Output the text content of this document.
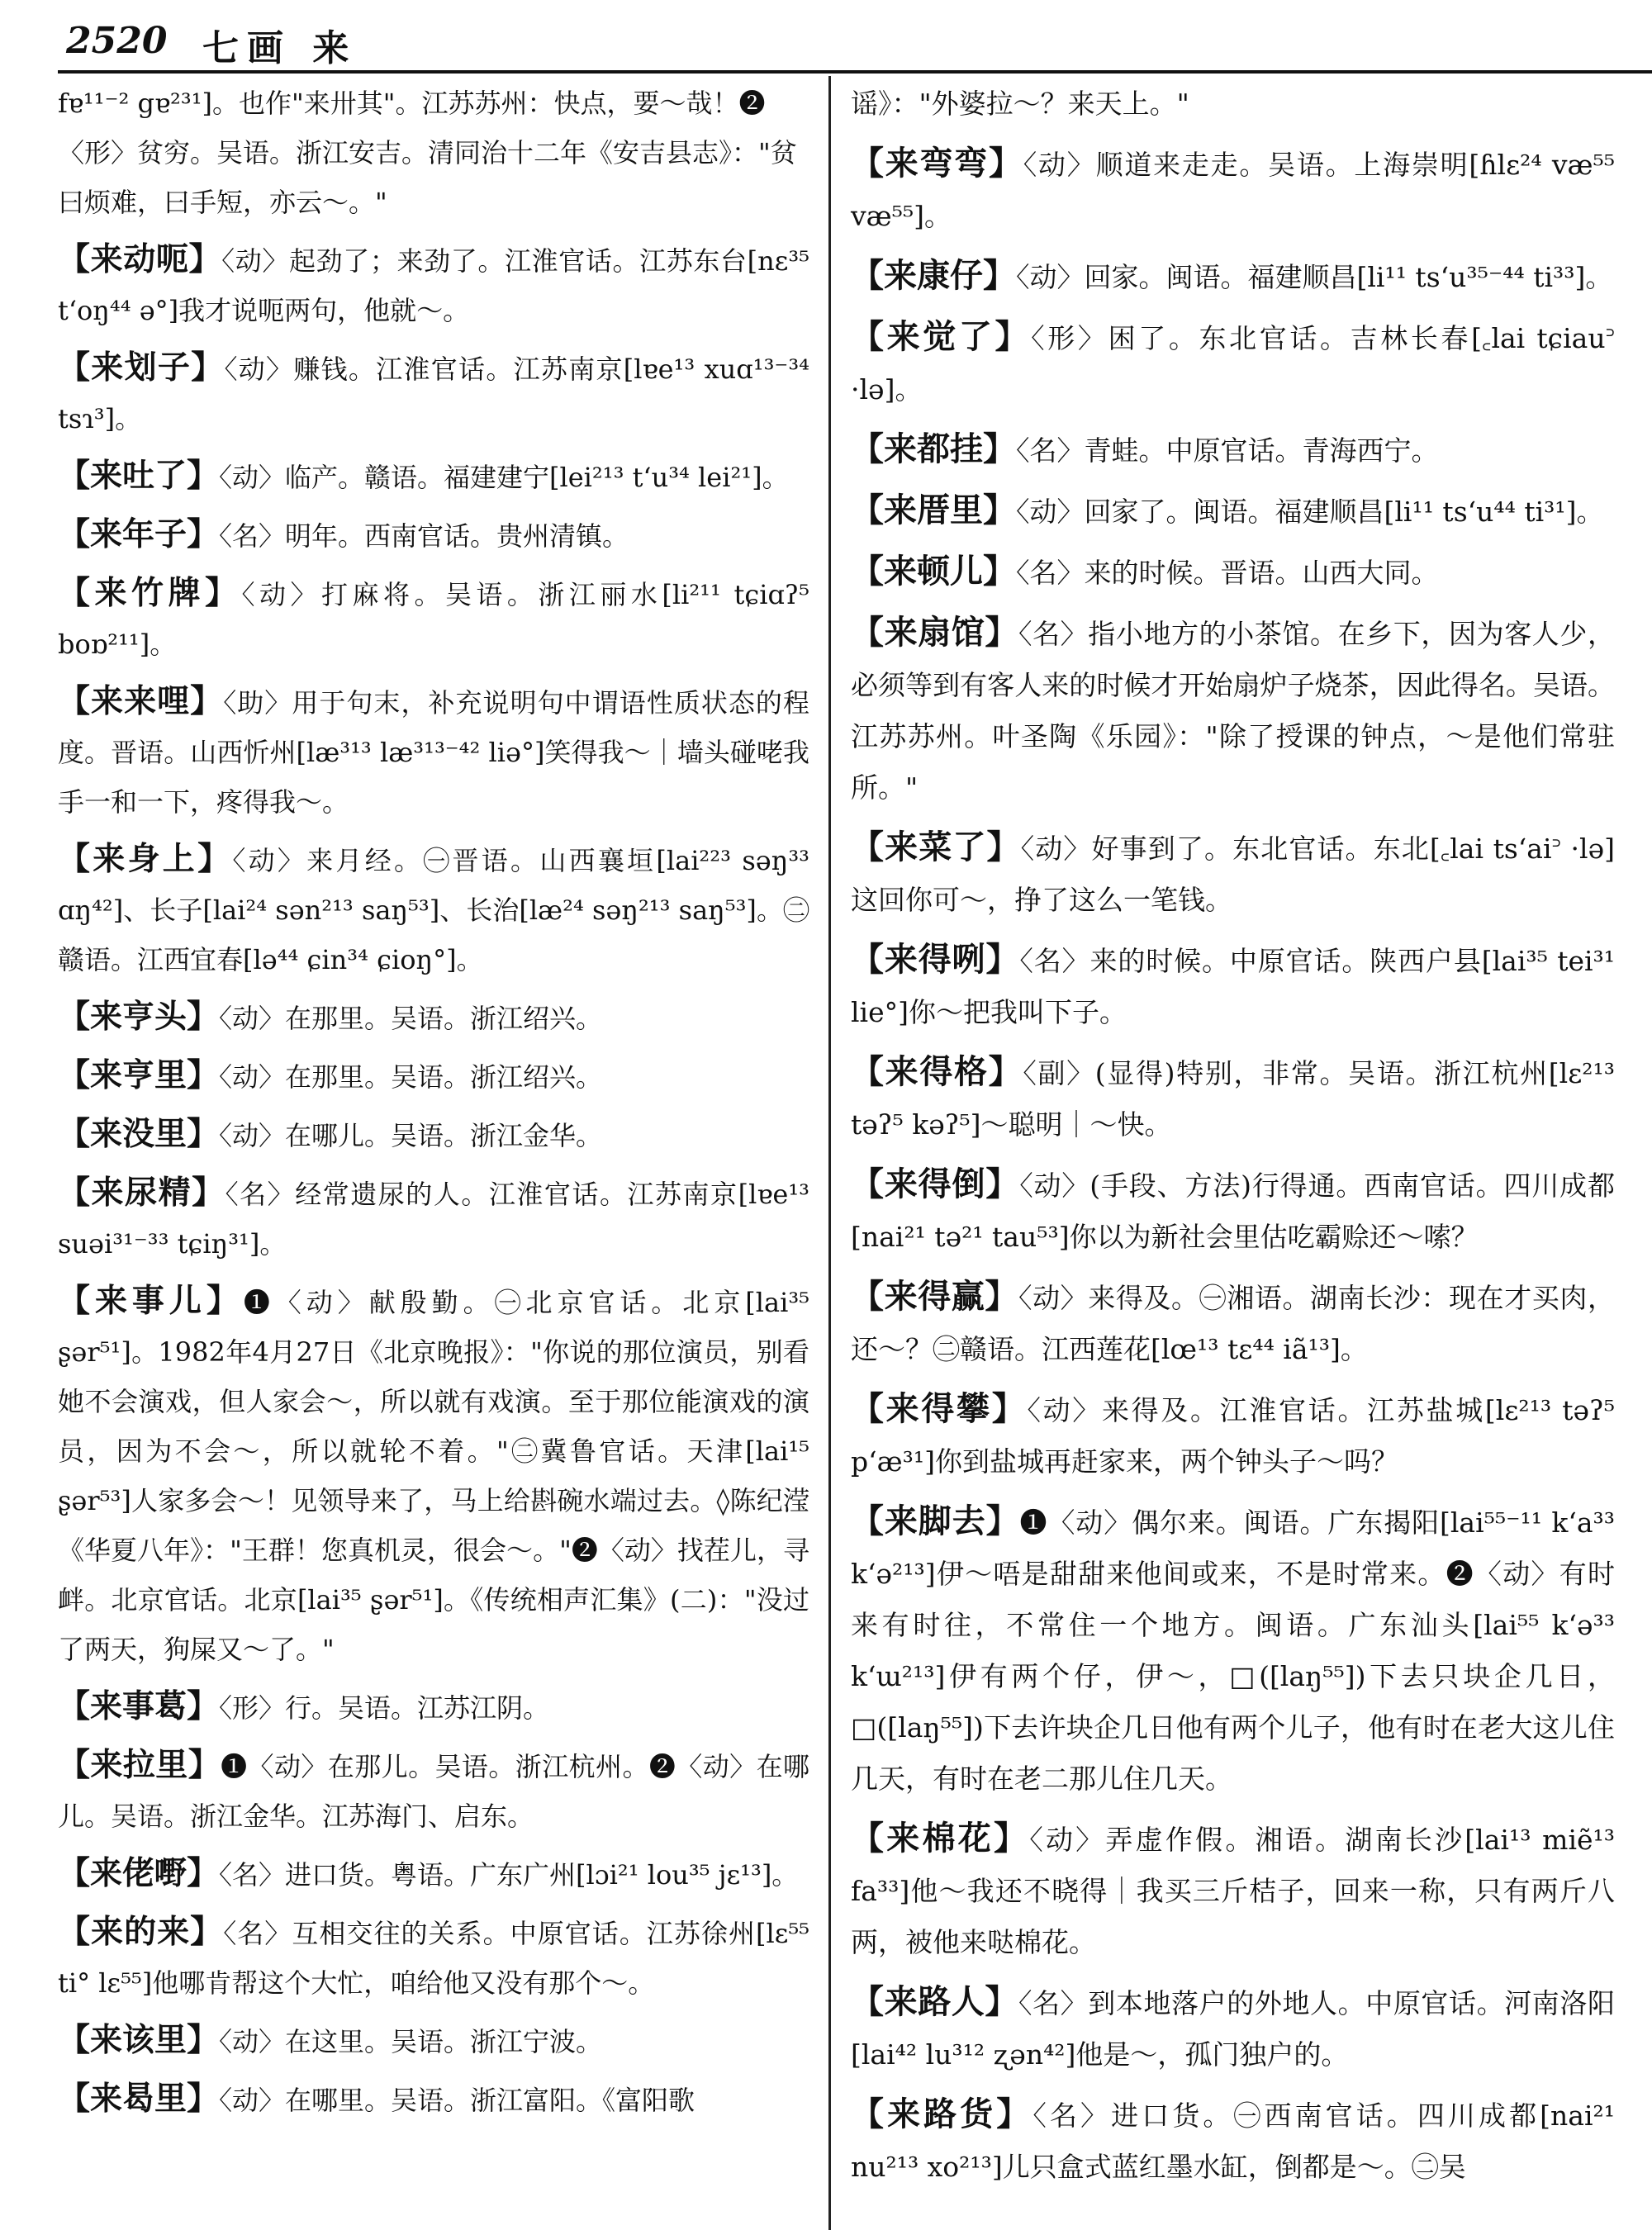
2520 七画 来
fɐ¹¹⁻² gɐ²³¹]。也作"来卅其"。江苏苏州：快点，要～哉！❷〈形〉贫穷。吴语。浙江安吉。清同治十二年《安吉县志》："贫曰烦难，曰手短，亦云～。"
【来动呃】〈动〉起劲了；来劲了。江淮官话。江苏东台[nɛ³⁵ tʻoŋ⁴⁴ ə°]我才说呃两句，他就～。
【来划子】〈动〉赚钱。江淮官话。江苏南京[lɐe¹³ xuɑ¹³⁻³⁴ tsɿ³]。
【来吐了】〈动〉临产。赣语。福建建宁[lei²¹³ tʻu³⁴ lei²¹]。
【来年子】〈名〉明年。西南官话。贵州清镇。
【来竹牌】〈动〉打麻将。吴语。浙江丽水[li²¹¹ tɕiɑʔ⁵ boɒ²¹¹]。
【来来哩】〈助〉用于句末，补充说明句中谓语性质状态的程度。晋语。山西忻州[læ³¹³ læ³¹³⁻⁴² liə°]笑得我～｜墙头碰咾我手一和一下，疼得我～。
【来身上】〈动〉来月经。㊀晋语。山西襄垣[lai²²³ səŋ³³ ɑŋ⁴²]、长子[lai²⁴ sən²¹³ saŋ⁵³]、长治[læ²⁴ səŋ²¹³ saŋ⁵³]。㊁赣语。江西宜春[lə⁴⁴ ɕin³⁴ ɕioŋ°]。
【来亨头】〈动〉在那里。吴语。浙江绍兴。
【来亨里】〈动〉在那里。吴语。浙江绍兴。
【来没里】〈动〉在哪儿。吴语。浙江金华。
【来尿精】〈名〉经常遗尿的人。江淮官话。江苏南京[lɐe¹³ suəi³¹⁻³³ tɕiŋ³¹]。
【来事儿】❶〈动〉献殷勤。㊀北京官话。北京[lai³⁵ ʂər⁵¹]。1982年4月27日《北京晚报》："你说的那位演员，别看她不会演戏，但人家会～，所以就有戏演。至于那位能演戏的演员，因为不会～，所以就轮不着。"㊁冀鲁官话。天津[lai¹⁵ ʂər⁵³]人家多会～！见领导来了，马上给斟碗水端过去。◊陈纪滢《华夏八年》："王群！您真机灵，很会～。"❷〈动〉找茬儿，寻衅。北京官话。北京[lai³⁵ ʂər⁵¹]。《传统相声汇集》(二)："没过了两天，狗屎又～了。"
【来事葛】〈形〉行。吴语。江苏江阴。
【来拉里】❶〈动〉在那儿。吴语。浙江杭州。❷〈动〉在哪儿。吴语。浙江金华。江苏海门、启东。
【来佬嘢】〈名〉进口货。粤语。广东广州[lɔi²¹ lou³⁵ jɛ¹³]。
【来的来】〈名〉互相交往的关系。中原官话。江苏徐州[lɛ⁵⁵ ti° lɛ⁵⁵]他哪肯帮这个大忙，咱给他又没有那个～。
【来该里】〈动〉在这里。吴语。浙江宁波。
【来曷里】〈动〉在哪里。吴语。浙江富阳。《富阳歌
谣》："外婆拉～？来天上。"
【来弯弯】〈动〉顺道来走走。吴语。上海崇明[ɦlɛ²⁴ væ⁵⁵ væ⁵⁵]。
【来康仔】〈动〉回家。闽语。福建顺昌[li¹¹ tsʻu³⁵⁻⁴⁴ ti³³]。
【来觉了】〈形〉困了。东北官话。吉林长春[꜀lai tɕiau꜄ ·lə]。
【来都挂】〈名〉青蛙。中原官话。青海西宁。
【来厝里】〈动〉回家了。闽语。福建顺昌[li¹¹ tsʻu⁴⁴ ti³¹]。
【来顿儿】〈名〉来的时候。晋语。山西大同。
【来扇馆】〈名〉指小地方的小茶馆。在乡下，因为客人少，必须等到有客人来的时候才开始扇炉子烧茶，因此得名。吴语。江苏苏州。叶圣陶《乐园》："除了授课的钟点，～是他们常驻所。"
【来菜了】〈动〉好事到了。东北官话。东北[꜀lai tsʻai꜄ ·lə]这回你可～，挣了这么一笔钱。
【来得咧】〈名〉来的时候。中原官话。陕西户县[lai³⁵ tei³¹ lie°]你～把我叫下子。
【来得格】〈副〉(显得)特别，非常。吴语。浙江杭州[lɛ²¹³ təʔ⁵ kəʔ⁵]～聪明｜～快。
【来得倒】〈动〉(手段、方法)行得通。西南官话。四川成都[nai²¹ tə²¹ tau⁵³]你以为新社会里估吃霸赊还～嗦？
【来得赢】〈动〉来得及。㊀湘语。湖南长沙：现在才买肉，还～？㊁赣语。江西莲花[lœ¹³ tɛ⁴⁴ iã¹³]。
【来得攀】〈动〉来得及。江淮官话。江苏盐城[lɛ²¹³ təʔ⁵ pʻæ³¹]你到盐城再赶家来，两个钟头子～吗？
【来脚去】❶〈动〉偶尔来。闽语。广东揭阳[lai⁵⁵⁻¹¹ kʻa³³ kʻə²¹³]伊～唔是甜甜来他间或来，不是时常来。❷〈动〉有时来有时往，不常住一个地方。闽语。广东汕头[lai⁵⁵ kʻə³³ kʻɯ²¹³]伊有两个仔，伊～，□([laŋ⁵⁵])下去只块企几日，□([laŋ⁵⁵])下去许块企几日他有两个儿子，他有时在老大这儿住几天，有时在老二那儿住几天。
【来棉花】〈动〉弄虚作假。湘语。湖南长沙[lai¹³ miẽ¹³ fa³³]他～我还不晓得｜我买三斤桔子，回来一称，只有两斤八两，被他来哒棉花。
【来路人】〈名〉到本地落户的外地人。中原官话。河南洛阳[lai⁴² lu³¹² ʐən⁴²]他是～，孤门独户的。
【来路货】〈名〉进口货。㊀西南官话。四川成都[nai²¹ nu²¹³ xo²¹³]儿只盒式蓝红墨水缸，倒都是～。㊁吴
